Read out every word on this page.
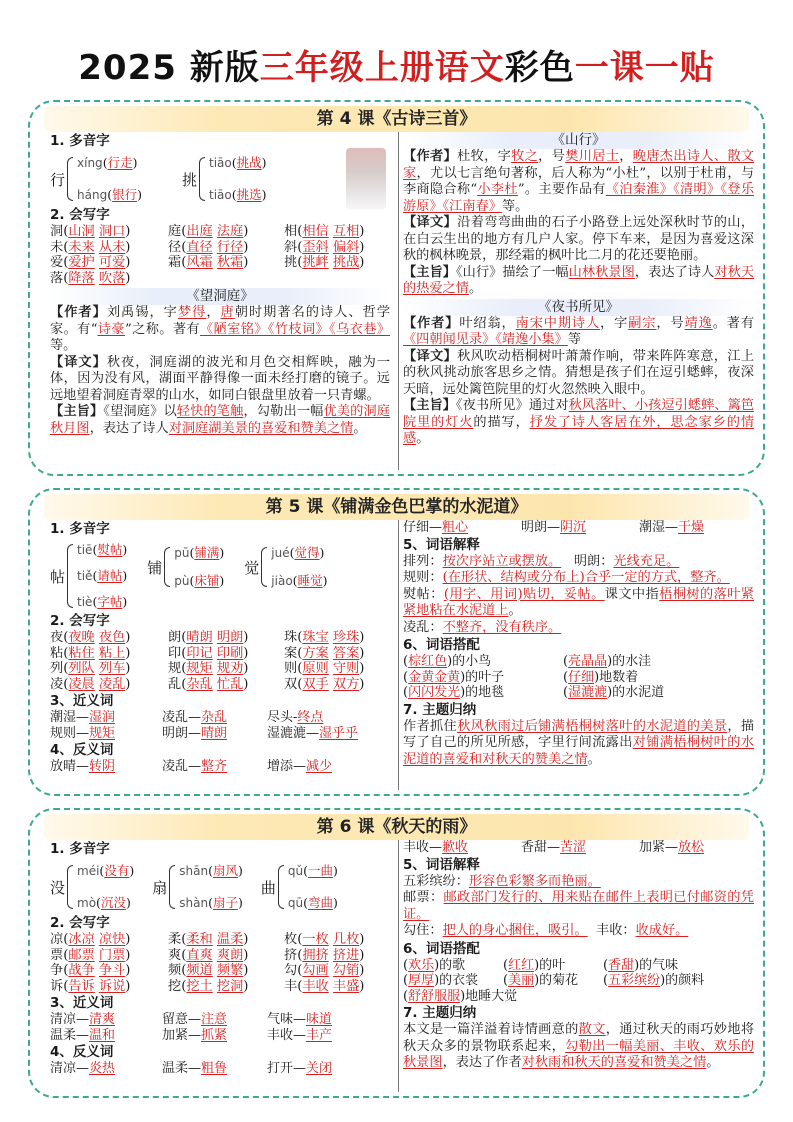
2025 新版三年级上册语文彩色一课一贴
第 4 课《古诗三首》
1. 多音字
行
xíng(行走)
háng(银行)
挑
tiāo(挑战)
tiāo(挑选)
2. 会写字
洞(山洞 洞口)	庭(出庭 法庭)	相(相信 互相)
未(未来 从未)	径(直径 行径)	斜(歪斜 偏斜)
爱(爱护 可爱)	霜(风霜 秋霜)	挑(挑衅 挑战)
落(降落 吹落)
《望洞庭》
【作者】刘禹锡，字梦得，唐朝时期著名的诗人、哲学家。有“诗豪”之称。著有《陋室铭》《竹枝词》《乌衣巷》等。
【译文】秋夜，洞庭湖的波光和月色交相辉映，融为一体，因为没有风，湖面平静得像一面未经打磨的镜子。远远地望着洞庭青翠的山水，如同白银盘里放着一只青螺。
【主旨】《望洞庭》以轻快的笔触，勾勒出一幅优美的洞庭秋月图，表达了诗人对洞庭湖美景的喜爱和赞美之情。
《山行》
【作者】杜牧，字牧之，号樊川居士，晚唐杰出诗人、散文家，尤以七言绝句著称，后人称为“小杜”，以别于杜甫，与李商隐合称“小李杜”。主要作品有《泊秦淮》《清明》《登乐游原》《江南春》等。
【译文】沿着弯弯曲曲的石子小路登上远处深秋时节的山，在白云生出的地方有几户人家。停下车来，是因为喜爱这深秋的枫林晚景，那经霜的枫叶比二月的花还要艳丽。
【主旨】《山行》描绘了一幅山林秋景图，表达了诗人对秋天的热爱之情。
《夜书所见》
【作者】叶绍翁，南宋中期诗人，字嗣宗，号靖逸。著有《四朝闻见录》《靖逸小集》等
【译文】秋风吹动梧桐树叶萧萧作响，带来阵阵寒意，江上的秋风挑动旅客思乡之情。猜想是孩子们在逗引蟋蟀，夜深天暗，远处篱笆院里的灯火忽然映入眼中。
【主旨】《夜书所见》通过对秋风落叶、小孩逗引蟋蟀、篱笆院里的灯火的描写，抒发了诗人客居在外，思念家乡的情感。
第 5 课《铺满金色巴掌的水泥道》
1. 多音字
帖
tiē(熨帖)
tiě(请帖)
tiè(字帖)
铺
pū(铺满)
pù(床铺)
觉
jué(觉得)
jiào(睡觉)
2. 会写字
夜(夜晚 夜色)	朗(晴朗 明朗)	珠(珠宝 珍珠)
粘(粘住 粘上)	印(印记 印刷)	案(方案 答案)
列(列队 列车)	规(规矩 规劝)	则(原则 守则)
凌(凌晨 凌乱)	乱(杂乱 忙乱)	双(双手 双方)
3、近义词
潮湿—湿润	凌乱—杂乱	尽头-终点
规则—规矩	明朗—晴朗	湿漉漉—湿乎乎
4、反义词
放晴—转阴	凌乱—整齐	增添—减少
仔细—粗心	明朗—阴沉	潮湿—干燥
5、词语解释
排列：按次序站立或摆放。 明朗：光线充足。
规则：(在形状、结构或分布上)合乎一定的方式，整齐。
熨帖：(用字、用词)贴切，妥帖。课文中指梧桐树的落叶紧紧地粘在水泥道上。
凌乱：不整齐，没有秩序。
6、词语搭配
(棕红色)的小鸟	(亮晶晶)的水洼
(金黄金黄)的叶子	(仔细)地数着
(闪闪发光)的地毯	(湿漉漉)的水泥道
7. 主题归纳
作者抓住秋风秋雨过后铺满梧桐树落叶的水泥道的美景，描写了自己的所见所感，字里行间流露出对铺满梧桐树叶的水泥道的喜爱和对秋天的赞美之情。
第 6 课《秋天的雨》
1. 多音字
没
méi(没有)
mò(沉没)
扇
shān(扇风)
shàn(扇子)
曲
qǔ(一曲)
qū(弯曲)
2. 会写字
凉(冰凉 凉快)	柔(柔和 温柔)	枚(一枚 几枚)
票(邮票 门票)	爽(直爽 爽朗)	挤(拥挤 挤进)
争(战争 争斗)	频(频道 频繁)	勾(勾画 勾销)
诉(告诉 诉说)	挖(挖土 挖洞)	丰(丰收 丰盛)
3、近义词
清凉—清爽	留意—注意	气味—味道
温柔—温和	加紧—抓紧	丰收—丰产
4、反义词
清凉—炎热	温柔—粗鲁	打开—关闭
丰收—歉收	香甜—苦涩	加紧—放松
5、词语解释
五彩缤纷：形容色彩繁多而艳丽。
邮票：邮政部门发行的、用来贴在邮件上表明已付邮资的凭证。
勾住：把人的身心捆住，吸引。 丰收：收成好。
6、词语搭配
(欢乐)的歌	(红红)的叶	(香甜)的气味
(厚厚)的衣裳	(美丽)的菊花	(五彩缤纷)的颜料
(舒舒服服)地睡大觉
7. 主题归纳
本文是一篇洋溢着诗情画意的散文，通过秋天的雨巧妙地将秋天众多的景物联系起来，勾勒出一幅美丽、丰收、欢乐的秋景图，表达了作者对秋雨和秋天的喜爱和赞美之情。
